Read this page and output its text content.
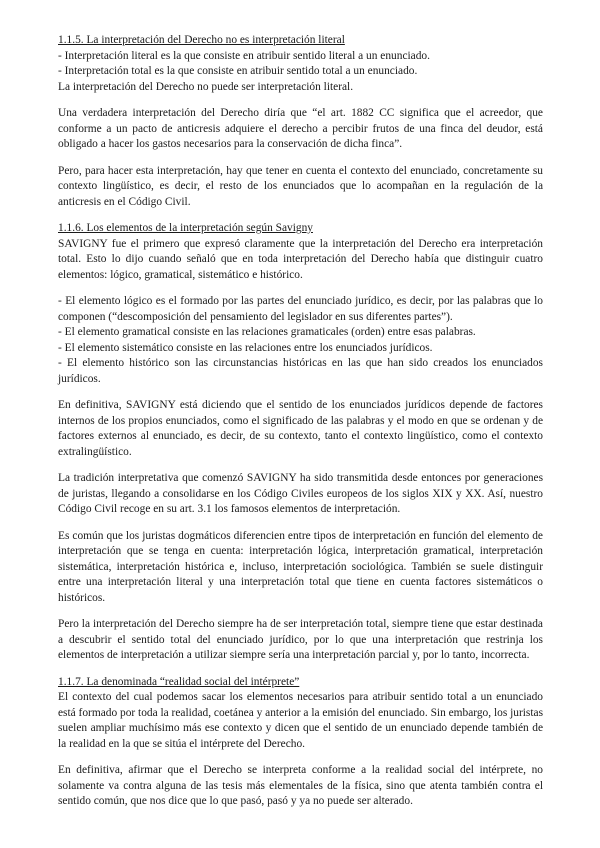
1.1.5. La interpretación del Derecho no es interpretación literal

- Interpretación literal es la que consiste en atribuir sentido literal a un enunciado.
- Interpretación total es la que consiste en atribuir sentido total a un enunciado.
La interpretación del Derecho no puede ser interpretación literal.

Una verdadera interpretación del Derecho diría que “el art. 1882 CC significa que el acreedor, que conforme a un pacto de anticresis adquiere el derecho a percibir frutos de una finca del deudor, está obligado a hacer los gastos necesarios para la conservación de dicha finca”.

Pero, para hacer esta interpretación, hay que tener en cuenta el contexto del enunciado, concretamente su contexto lingüístico, es decir, el resto de los enunciados que lo acompañan en la regulación de la anticresis en el Código Civil.

1.1.6. Los elementos de la interpretación según Savigny

SAVIGNY fue el primero que expresó claramente que la interpretación del Derecho era interpretación total. Esto lo dijo cuando señaló que en toda interpretación del Derecho había que distinguir cuatro elementos: lógico, gramatical, sistemático e histórico.

- El elemento lógico es el formado por las partes del enunciado jurídico, es decir, por las palabras que lo componen (“descomposición del pensamiento del legislador en sus diferentes partes”).
- El elemento gramatical consiste en las relaciones gramaticales (orden) entre esas palabras.
- El elemento sistemático consiste en las relaciones entre los enunciados jurídicos.
- El elemento histórico son las circunstancias históricas en las que han sido creados los enunciados jurídicos.

En definitiva, SAVIGNY está diciendo que el sentido de los enunciados jurídicos depende de factores internos de los propios enunciados, como el significado de las palabras y el modo en que se ordenan y de factores externos al enunciado, es decir, de su contexto, tanto el contexto lingüístico, como el contexto extralingüístico.

La tradición interpretativa que comenzó SAVIGNY ha sido transmitida desde entonces por generaciones de juristas, llegando a consolidarse en los Código Civiles europeos de los siglos XIX y XX. Así, nuestro Código Civil recoge en su art. 3.1 los famosos elementos de interpretación.

Es común que los juristas dogmáticos diferencien entre tipos de interpretación en función del elemento de interpretación que se tenga en cuenta: interpretación lógica, interpretación gramatical, interpretación sistemática, interpretación histórica e, incluso, interpretación sociológica. También se suele distinguir entre una interpretación literal y una interpretación total que tiene en cuenta factores sistemáticos o históricos.

Pero la interpretación del Derecho siempre ha de ser interpretación total, siempre tiene que estar destinada a descubrir el sentido total del enunciado jurídico, por lo que una interpretación que restrinja los elementos de interpretación a utilizar siempre sería una interpretación parcial y, por lo tanto, incorrecta.

1.1.7. La denominada “realidad social del intérprete”

El contexto del cual podemos sacar los elementos necesarios para atribuir sentido total a un enunciado está formado por toda la realidad, coetánea y anterior a la emisión del enunciado. Sin embargo, los juristas suelen ampliar muchísimo más ese contexto y dicen que el sentido de un enunciado depende también de la realidad en la que se sitúa el intérprete del Derecho.

En definitiva, afirmar que el Derecho se interpreta conforme a la realidad social del intérprete, no solamente va contra alguna de las tesis más elementales de la física, sino que atenta también contra el sentido común, que nos dice que lo que pasó, pasó y ya no puede ser alterado.
